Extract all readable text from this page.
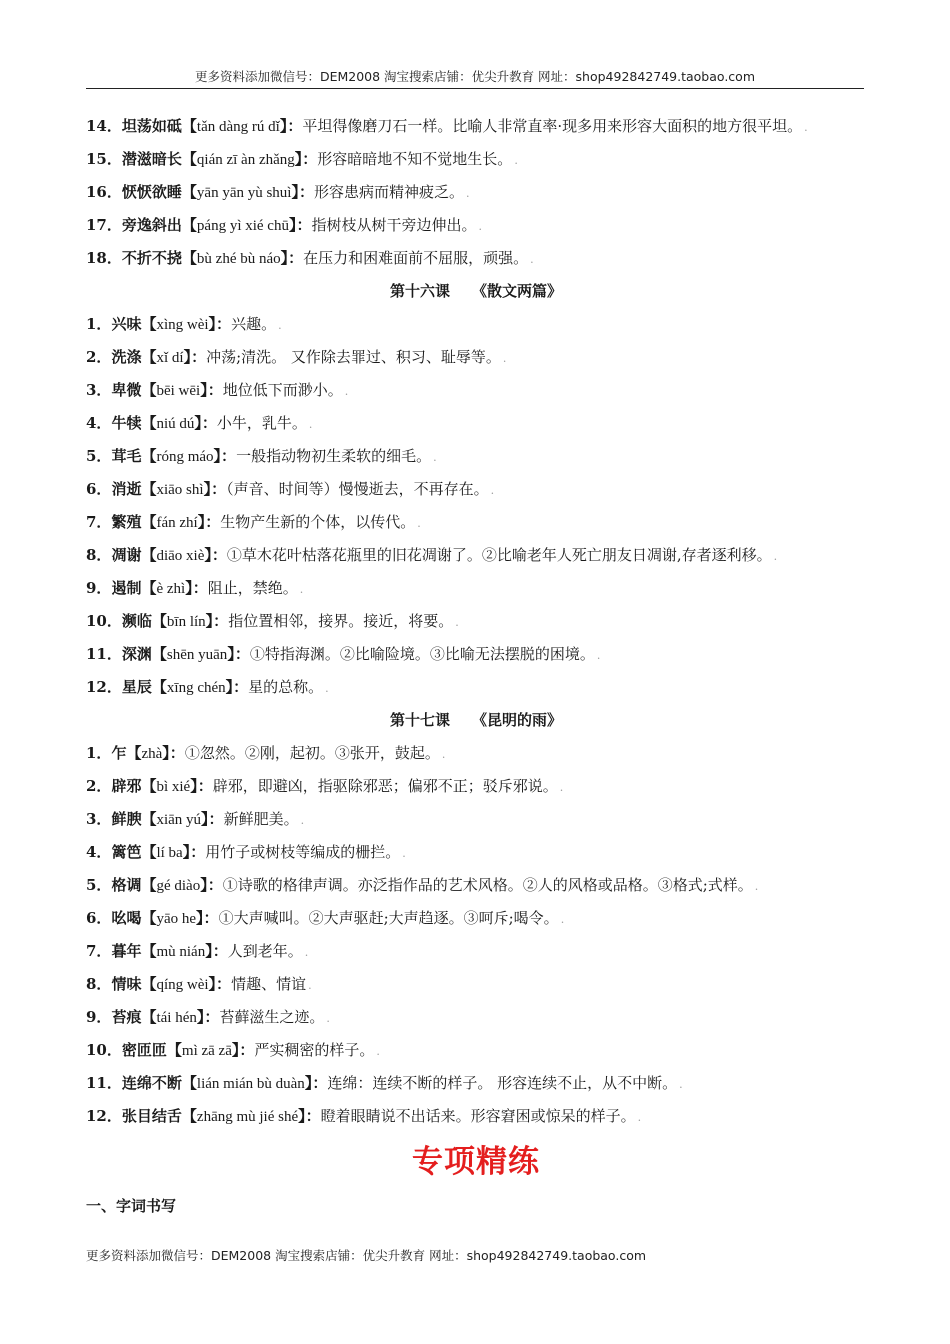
更多资料添加微信号：DEM2008 淘宝搜索店铺：优尖升教育 网址：shop492842749.taobao.com
14．坦荡如砥【tǎn dàng rú dǐ】：平坦得像磨刀石一样。比喻人非常直率·现多用来形容大面积的地方很平坦。 .
15．潜滋暗长【qián zī àn zhǎng】：形容暗暗地不知不觉地生长。 .
16．恹恹欲睡【yān yān yù shuì】：形容患病而精神疲乏。 .
17．旁逸斜出【páng yì xié chū】：指树枝从树干旁边伸出。 .
18．不折不挠【bù zhé bù náo】：在压力和困难面前不屈服，顽强。 .
第十六课 《散文两篇》
1．兴味【xìng wèi】：兴趣。 .
2．洗涤【xǐ dí】：冲荡;清洗。 又作除去罪过、积习、耻辱等。 .
3．卑微【bēi wēi】：地位低下而渺小。 .
4．牛犊【niú dú】：小牛，乳牛。 .
5．茸毛【róng máo】：一般指动物初生柔软的细毛。 .
6．消逝【xiāo shì】：（声音、时间等）慢慢逝去，不再存在。 .
7．繁殖【fán zhí】：生物产生新的个体，以传代。 .
8．凋谢【diāo xiè】：①草木花叶枯落花瓶里的旧花凋谢了。②比喻老年人死亡朋友日凋谢,存者逐利移。 .
9．遏制【è zhì】：阻止，禁绝。 .
10．濒临【bīn lín】：指位置相邻，接界。接近，将要。 .
11．深渊【shēn yuān】：①特指海渊。②比喻险境。③比喻无法摆脱的困境。 .
12．星辰【xīng chén】：星的总称。 .
第十七课 《昆明的雨》
1．乍【zhà】：①忽然。②刚，起初。③张开，鼓起。 .
2．辟邪【bì xié】：辟邪，即避凶，指驱除邪恶；偏邪不正；驳斥邪说。 .
3．鲜腴【xiān yú】：新鲜肥美。 .
4．篱笆【lí ba】：用竹子或树枝等编成的栅拦。 .
5．格调【gé diào】：①诗歌的格律声调。亦泛指作品的艺术风格。②人的风格或品格。③格式;式样。 .
6．吆喝【yāo he】：①大声喊叫。②大声驱赶;大声趋逐。③呵斥;喝令。 .
7．暮年【mù nián】：人到老年。 .
8．情味【qíng wèi】：情趣、情谊 .
9．苔痕【tái hén】：苔藓滋生之迹。 .
10．密匝匝【mì zā zā】：严实稠密的样子。 .
11．连绵不断【lián mián bù duàn】：连绵：连续不断的样子。 形容连续不止，从不中断。 .
12．张目结舌【zhāng mù jié shé】：瞪着眼睛说不出话来。形容窘困或惊呆的样子。 .
专项精练
一、字词书写
更多资料添加微信号：DEM2008 淘宝搜索店铺：优尖升教育 网址：shop492842749.taobao.com
